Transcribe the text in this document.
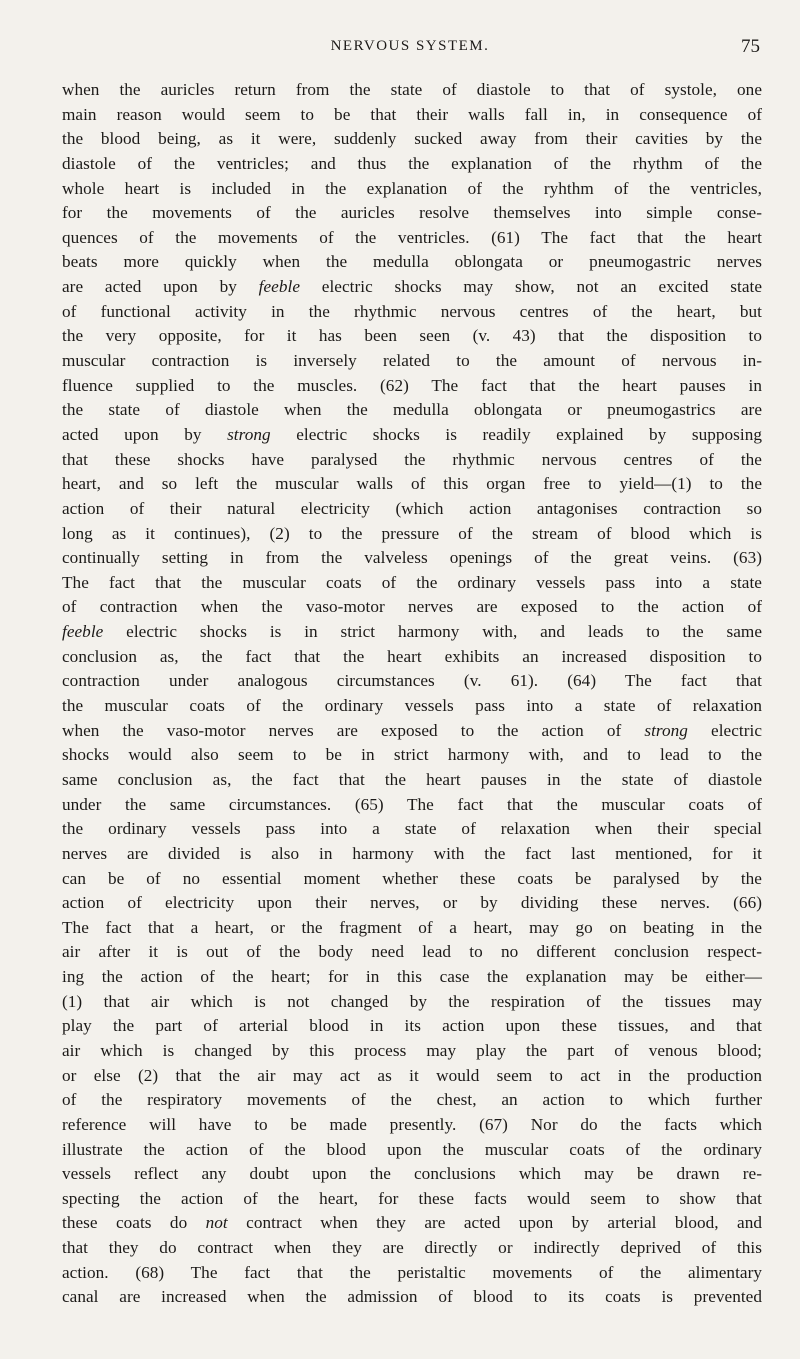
NERVOUS SYSTEM.	75
when the auricles return from the state of diastole to that of systole, one
main reason would seem to be that their walls fall in, in consequence of
the blood being, as it were, suddenly sucked away from their cavities by the
diastole of the ventricles; and thus the explanation of the rhythm of the
whole heart is included in the explanation of the ryhthm of the ventricles,
for the movements of the auricles resolve themselves into simple conse-
quences of the movements of the ventricles. (61) The fact that the heart
beats more quickly when the medulla oblongata or pneumogastric nerves
are acted upon by feeble electric shocks may show, not an excited state
of functional activity in the rhythmic nervous centres of the heart, but
the very opposite, for it has been seen (v. 43) that the disposition to
muscular contraction is inversely related to the amount of nervous in-
fluence supplied to the muscles. (62) The fact that the heart pauses in
the state of diastole when the medulla oblongata or pneumogastrics are
acted upon by strong electric shocks is readily explained by supposing
that these shocks have paralysed the rhythmic nervous centres of the
heart, and so left the muscular walls of this organ free to yield—(1) to the
action of their natural electricity (which action antagonises contraction so
long as it continues), (2) to the pressure of the stream of blood which is
continually setting in from the valveless openings of the great veins. (63)
The fact that the muscular coats of the ordinary vessels pass into a state
of contraction when the vaso-motor nerves are exposed to the action of
feeble electric shocks is in strict harmony with, and leads to the same
conclusion as, the fact that the heart exhibits an increased disposition to
contraction under analogous circumstances (v. 61). (64) The fact that
the muscular coats of the ordinary vessels pass into a state of relaxation
when the vaso-motor nerves are exposed to the action of strong electric
shocks would also seem to be in strict harmony with, and to lead to the
same conclusion as, the fact that the heart pauses in the state of diastole
under the same circumstances. (65) The fact that the muscular coats of
the ordinary vessels pass into a state of relaxation when their special
nerves are divided is also in harmony with the fact last mentioned, for it
can be of no essential moment whether these coats be paralysed by the
action of electricity upon their nerves, or by dividing these nerves. (66)
The fact that a heart, or the fragment of a heart, may go on beating in the
air after it is out of the body need lead to no different conclusion respect-
ing the action of the heart; for in this case the explanation may be either—
(1) that air which is not changed by the respiration of the tissues may
play the part of arterial blood in its action upon these tissues, and that
air which is changed by this process may play the part of venous blood;
or else (2) that the air may act as it would seem to act in the production
of the respiratory movements of the chest, an action to which further
reference will have to be made presently. (67) Nor do the facts which
illustrate the action of the blood upon the muscular coats of the ordinary
vessels reflect any doubt upon the conclusions which may be drawn re-
specting the action of the heart, for these facts would seem to show that
these coats do not contract when they are acted upon by arterial blood, and
that they do contract when they are directly or indirectly deprived of this
action. (68) The fact that the peristaltic movements of the alimentary
canal are increased when the admission of blood to its coats is prevented
